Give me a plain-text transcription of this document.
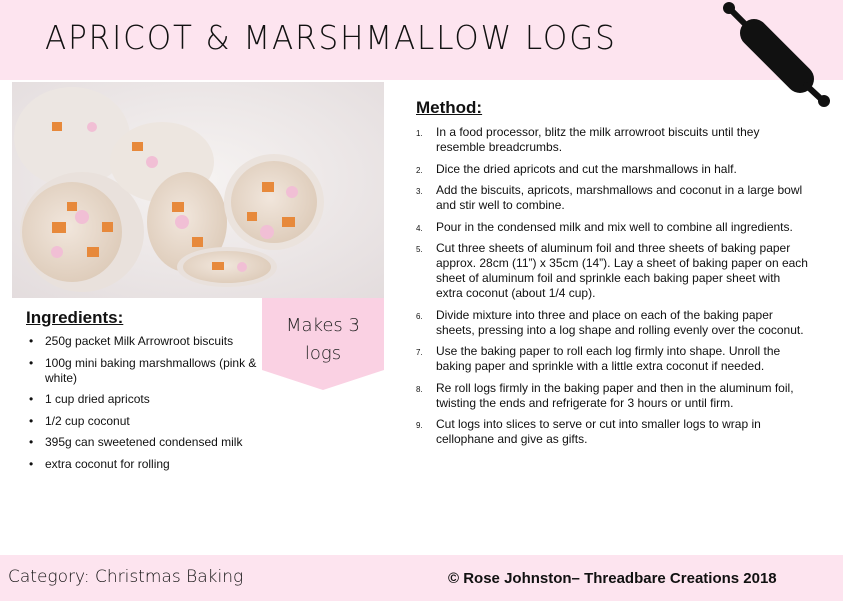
APRICOT & MARSHMALLOW LOGS
Makes 3
logs
Ingredients:
• 250g packet Milk Arrowroot biscuits
• 100g mini baking marshmallows (pink & white)
• 1 cup dried apricots
• 1/2 cup coconut
• 395g can sweetened condensed milk
• extra coconut for rolling
Method:
1. In a food processor, blitz the milk arrowroot biscuits until they resemble breadcrumbs.
2. Dice the dried apricots and cut the marshmallows in half.
3. Add the biscuits, apricots, marshmallows and coconut in a large bowl and stir well to combine.
4. Pour in the condensed milk and mix well to combine all ingredients.
5. Cut three sheets of aluminum foil and three sheets of baking paper approx. 28cm (11”) x 35cm (14”). Lay a sheet of baking paper on each sheet of aluminum foil and sprinkle each baking paper sheet with extra coconut (about 1/4 cup).
6. Divide mixture into three and place on each of the baking paper sheets, pressing into a log shape and rolling evenly over the coconut.
7. Use the baking paper to roll each log firmly into shape. Unroll the baking paper and sprinkle with a little extra coconut if needed.
8. Re roll logs firmly in the baking paper and then in the aluminum foil, twisting the ends and refrigerate for 3 hours or until firm.
9. Cut logs into slices to serve or cut into smaller logs to wrap in cellophane and give as gifts.
Category: Christmas Baking	© Rose Johnston– Threadbare Creations 2018
